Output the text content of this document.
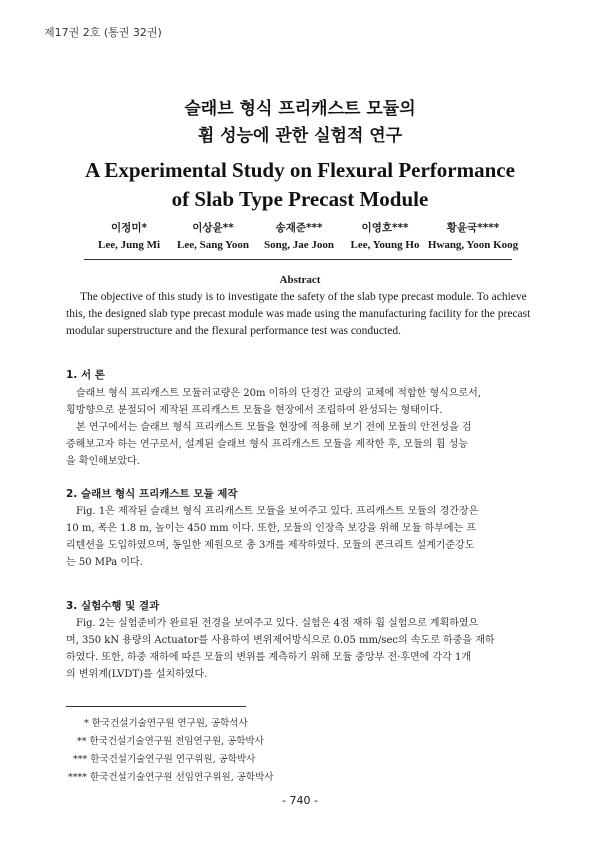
제17권 2호 (통권 32권)
슬래브 형식 프리캐스트 모듈의
휨 성능에 관한 실험적 연구
A Experimental Study on Flexural Performance
of Slab Type Precast Module
이정미*
Lee, Jung Mi
이상윤**
Lee, Sang Yoon
송재준***
Song, Jae Joon
이영호***
Lee, Young Ho
황윤국****
Hwang, Yoon Koog
Abstract
The objective of this study is to investigate the safety of the slab type precast module. To achieve
this, the designed slab type precast module was made using the manufacturing facility for the precast
modular superstructure and the flexural performance test was conducted.
1. 서 론
슬래브 형식 프리캐스트 모듈러교량은 20m 이하의 단경간 교량의 교체에 적합한 형식으로서,
횡방향으로 분절되어 제작된 프리캐스트 모듈을 현장에서 조립하여 완성되는 형태이다.
본 연구에서는 슬래브 형식 프리캐스트 모듈을 현장에 적용해 보기 전에 모듈의 안전성을 검
증해보고자 하는 연구로서, 설계된 슬래브 형식 프리캐스트 모듈을 제작한 후, 모듈의 휨 성능
을 확인해보았다.
2. 슬래브 형식 프리캐스트 모듈 제작
Fig. 1은 제작된 슬래브 형식 프리캐스트 모듈을 보여주고 있다. 프리캐스트 모듈의 경간장은
10 m, 폭은 1.8 m, 높이는 450 mm 이다. 또한, 모듈의 인장측 보강을 위해 모듈 하부에는 프
리텐션을 도입하였으며, 동일한 제원으로 총 3개를 제작하였다. 모듈의 콘크리트 설계기준강도
는 50 MPa 이다.
3. 실험수행 및 결과
Fig. 2는 실험준비가 완료된 전경을 보여주고 있다. 실험은 4점 재하 휨 실험으로 계획하였으
며, 350 kN 용량의 Actuator를 사용하여 변위제어방식으로 0.05 mm/sec의 속도로 하중을 재하
하였다. 또한, 하중 재하에 따른 모듈의 변위를 계측하기 위해 모듈 중앙부 전·후면에 각각 1개
의 변위계(LVDT)를 설치하였다.
* 한국건설기술연구원 연구원, 공학석사
** 한국건설기술연구원 전임연구원, 공학박사
*** 한국건설기술연구원 연구위원, 공학박사
**** 한국건설기술연구원 선임연구위원, 공학박사
- 740 -
